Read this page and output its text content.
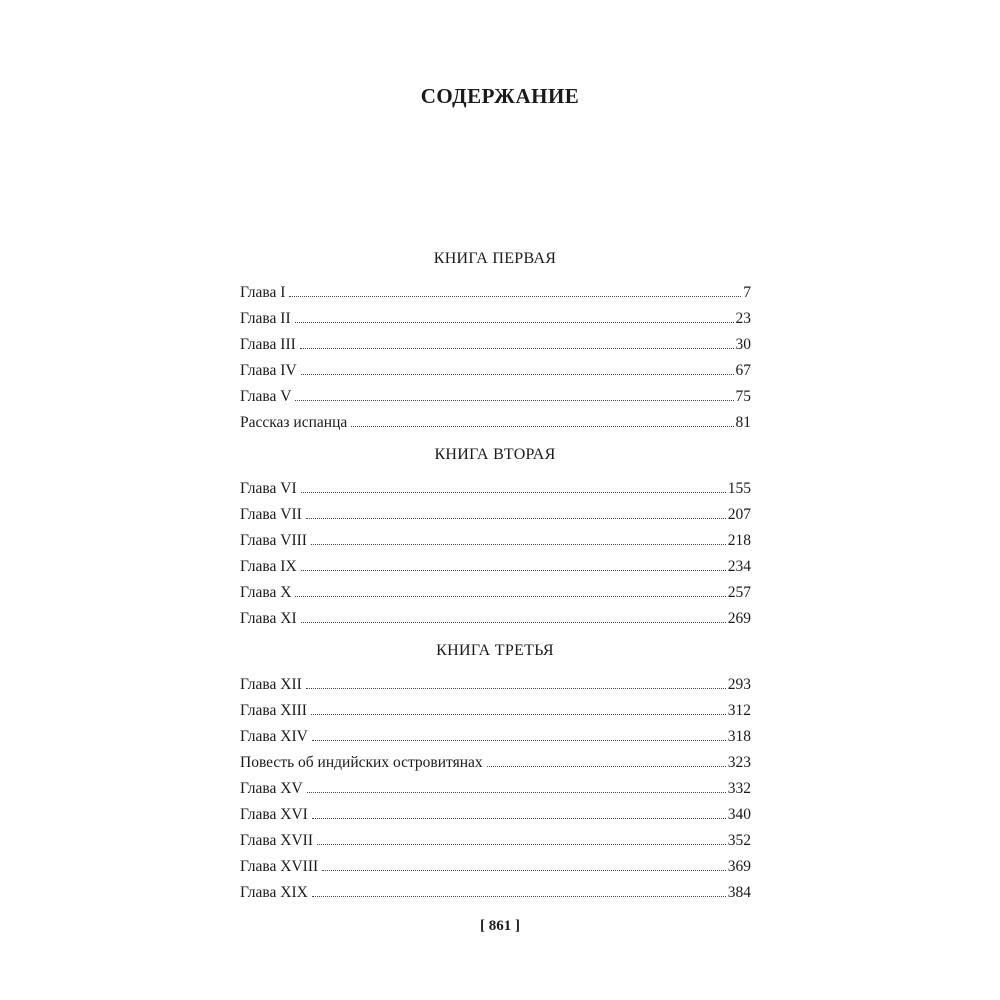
СОДЕРЖАНИЕ
КНИГА ПЕРВАЯ
Глава I	7
Глава II	23
Глава III	30
Глава IV	67
Глава V	75
Рассказ испанца	81
КНИГА ВТОРАЯ
Глава VI	155
Глава VII	207
Глава VIII	218
Глава IX	234
Глава X	257
Глава XI	269
КНИГА ТРЕТЬЯ
Глава XII	293
Глава XIII	312
Глава XIV	318
Повесть об индийских островитянах	323
Глава XV	332
Глава XVI	340
Глава XVII	352
Глава XVIII	369
Глава XIX	384
[ 861 ]
